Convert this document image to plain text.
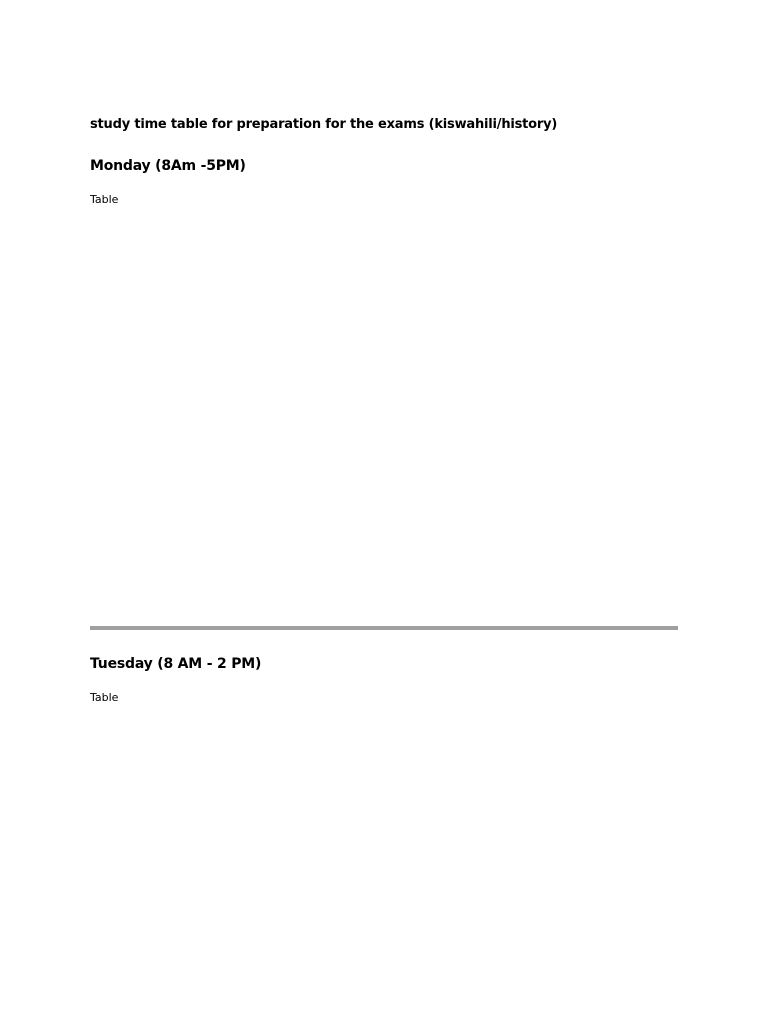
study time table for preparation for the exams (kiswahili/history)
Monday (8Am -5PM)
Table
Tuesday (8 AM - 2 PM)
Table
